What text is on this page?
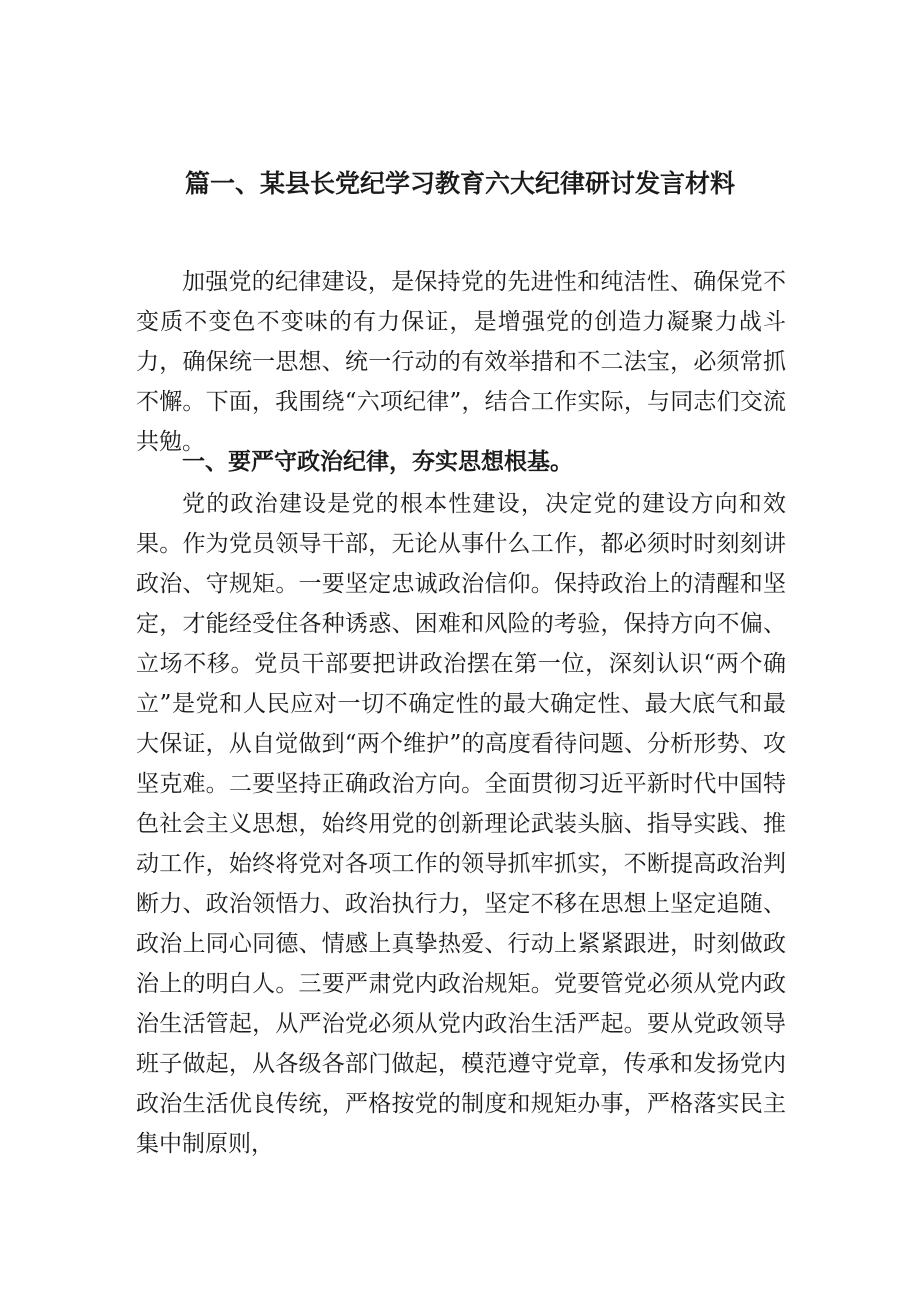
篇一、某县长党纪学习教育六大纪律研讨发言材料

加强党的纪律建设，是保持党的先进性和纯洁性、确保党不变质不变色不变味的有力保证，是增强党的创造力凝聚力战斗力，确保统一思想、统一行动的有效举措和不二法宝，必须常抓不懈。下面，我围绕“六项纪律”，结合工作实际，与同志们交流共勉。

一、要严守政治纪律，夯实思想根基。

党的政治建设是党的根本性建设，决定党的建设方向和效果。作为党员领导干部，无论从事什么工作，都必须时时刻刻讲政治、守规矩。一要坚定忠诚政治信仰。保持政治上的清醒和坚定，才能经受住各种诱惑、困难和风险的考验，保持方向不偏、立场不移。党员干部要把讲政治摆在第一位，深刻认识“两个确立”是党和人民应对一切不确定性的最大确定性、最大底气和最大保证，从自觉做到“两个维护”的高度看待问题、分析形势、攻坚克难。二要坚持正确政治方向。全面贯彻习近平新时代中国特色社会主义思想，始终用党的创新理论武装头脑、指导实践、推动工作，始终将党对各项工作的领导抓牢抓实，不断提高政治判断力、政治领悟力、政治执行力，坚定不移在思想上坚定追随、政治上同心同德、情感上真挚热爱、行动上紧紧跟进，时刻做政治上的明白人。三要严肃党内政治规矩。党要管党必须从党内政治生活管起，从严治党必须从党内政治生活严起。要从党政领导班子做起，从各级各部门做起，模范遵守党章，传承和发扬党内政治生活优良传统，严格按党的制度和规矩办事，严格落实民主集中制原则，
